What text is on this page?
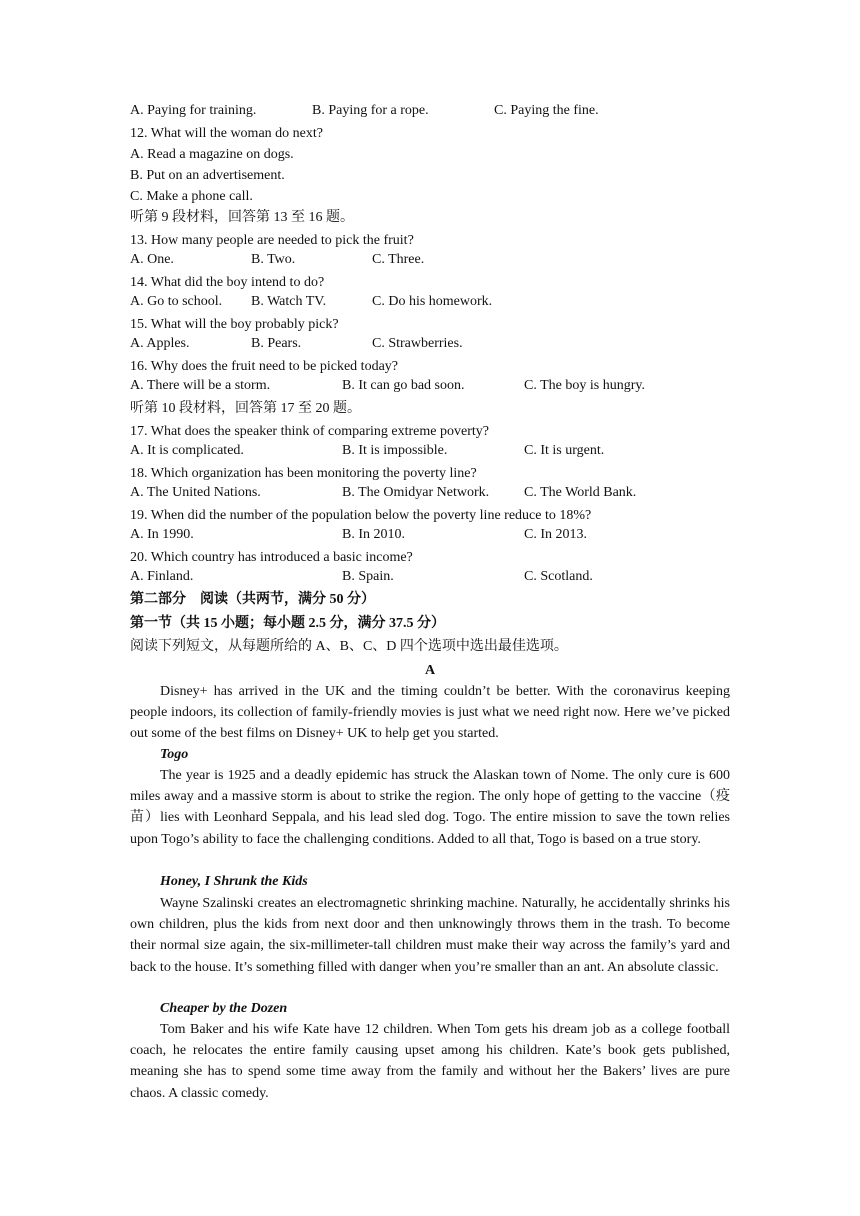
A. Paying for training.	B. Paying for a rope.	C. Paying the fine.
12. What will the woman do next?
A. Read a magazine on dogs.
B. Put on an advertisement.
C. Make a phone call.
听第 9 段材料，回答第 13 至 16 题。
13. How many people are needed to pick the fruit?
A. One.	B. Two.	C. Three.
14. What did the boy intend to do?
A. Go to school. B. Watch TV.	C. Do his homework.
15. What will the boy probably pick?
A. Apples.	B. Pears.	C. Strawberries.
16. Why does the fruit need to be picked today?
A. There will be a storm.	B. It can go bad soon.	C. The boy is hungry.
听第 10 段材料，回答第 17 至 20 题。
17. What does the speaker think of comparing extreme poverty?
A. It is complicated.	B. It is impossible.	C. It is urgent.
18. Which organization has been monitoring the poverty line?
A. The United Nations.	B. The Omidyar Network. C. The World Bank.
19. When did the number of the population below the poverty line reduce to 18%?
A. In 1990.	B. In 2010.	C. In 2013.
20. Which country has introduced a basic income?
A. Finland.	B. Spain.	C. Scotland.
第二部分　阅读（共两节，满分 50 分）
第一节（共 15 小题；每小题 2.5 分，满分 37.5 分）
阅读下列短文，从每题所给的 A、B、C、D 四个选项中选出最佳选项。
A
Disney+ has arrived in the UK and the timing couldn’t be better. With the coronavirus keeping people indoors, its collection of family-friendly movies is just what we need right now. Here we’ve picked out some of the best films on Disney+ UK to help get you started.
Togo
The year is 1925 and a deadly epidemic has struck the Alaskan town of Nome. The only cure is 600 miles away and a massive storm is about to strike the region. The only hope of getting to the vaccine（疫苗）lies with Leonhard Seppala, and his lead sled dog. Togo. The entire mission to save the town relies upon Togo’s ability to face the challenging conditions. Added to all that, Togo is based on a true story.
Honey, I Shrunk the Kids
Wayne Szalinski creates an electromagnetic shrinking machine. Naturally, he accidentally shrinks his own children, plus the kids from next door and then unknowingly throws them in the trash. To become their normal size again, the six-millimeter-tall children must make their way across the family’s yard and back to the house. It’s something filled with danger when you’re smaller than an ant. An absolute classic.
Cheaper by the Dozen
Tom Baker and his wife Kate have 12 children. When Tom gets his dream job as a college football coach, he relocates the entire family causing upset among his children. Kate’s book gets published, meaning she has to spend some time away from the family and without her the Bakers’ lives are pure chaos. A classic comedy.
